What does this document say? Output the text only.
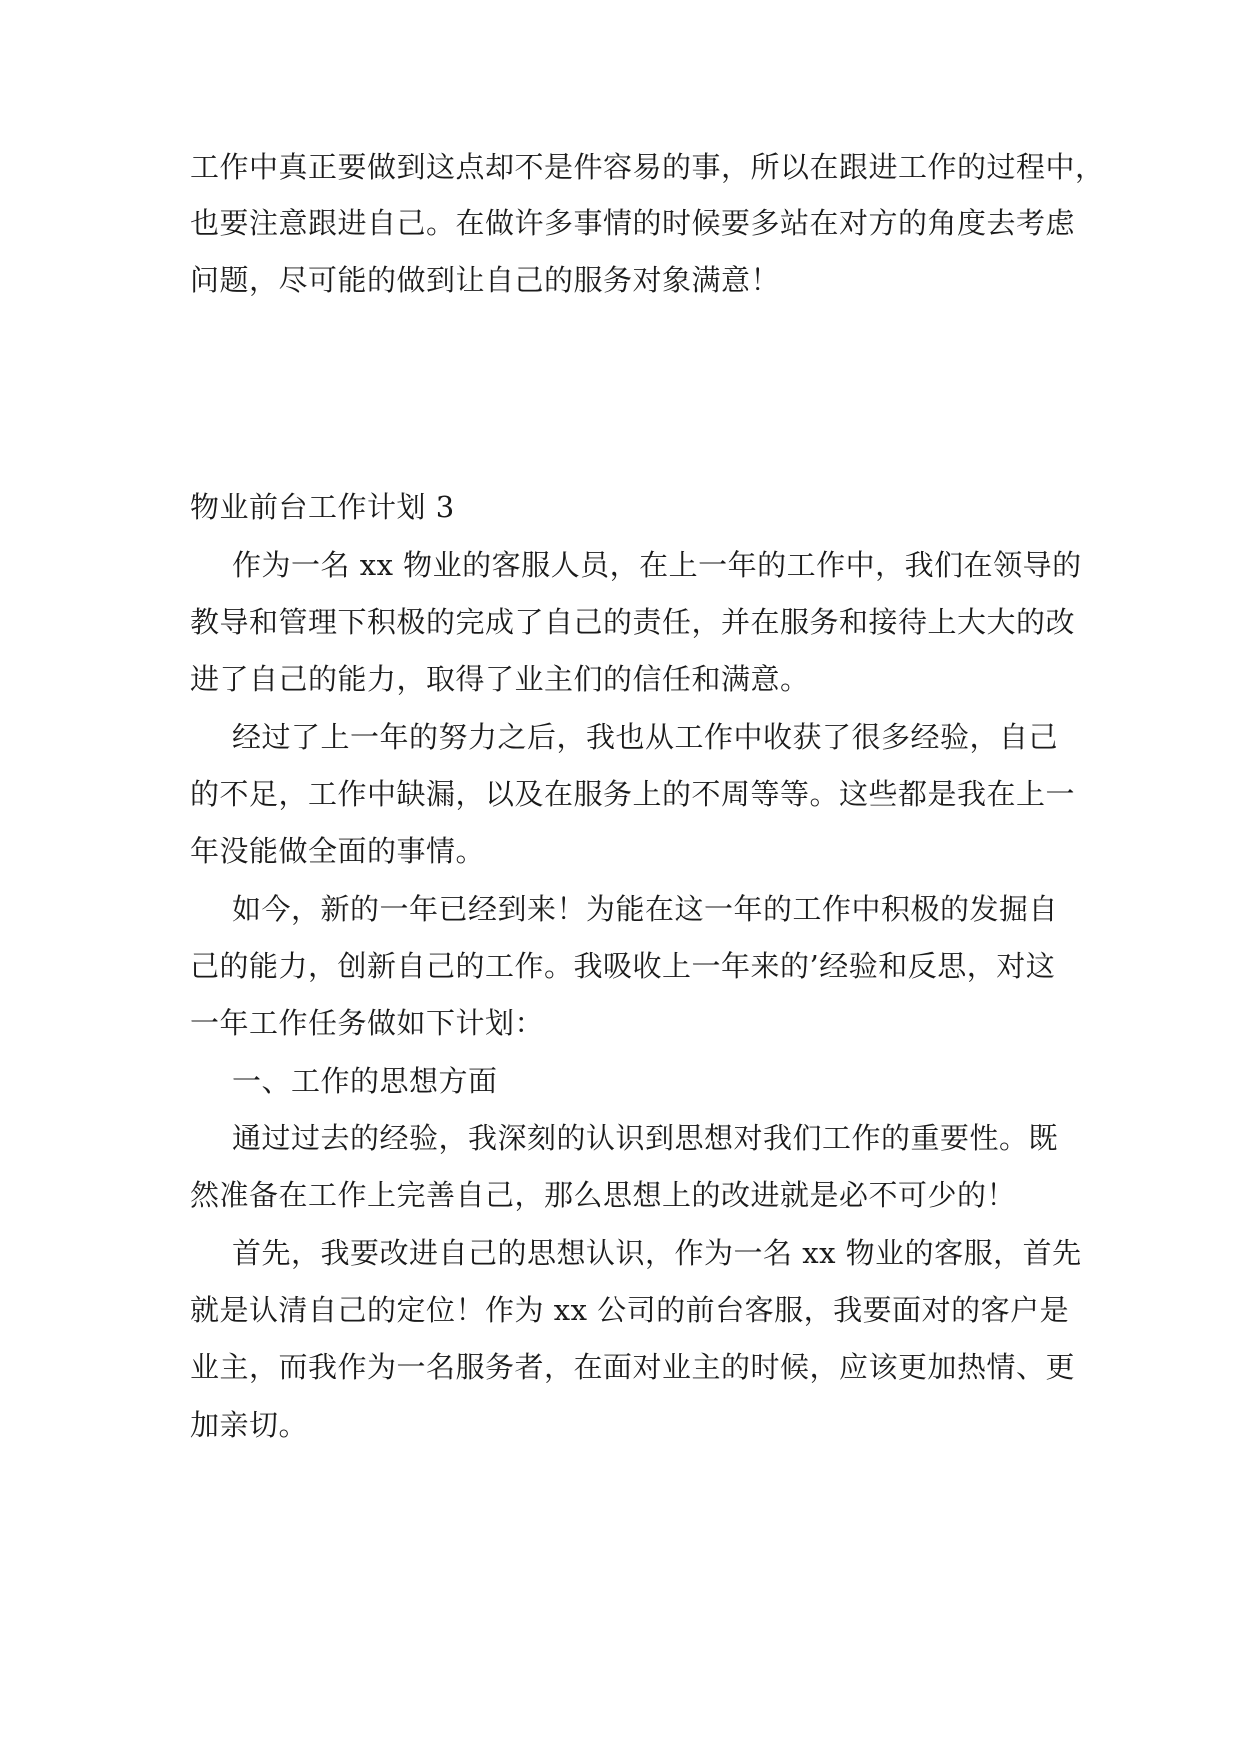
工作中真正要做到这点却不是件容易的事，所以在跟进工作的过程中，
也要注意跟进自己。在做许多事情的时候要多站在对方的角度去考虑
问题，尽可能的做到让自己的服务对象满意！
物业前台工作计划 3
作为一名 xx 物业的客服人员，在上一年的工作中，我们在领导的
教导和管理下积极的完成了自己的责任，并在服务和接待上大大的改
进了自己的能力，取得了业主们的信任和满意。
经过了上一年的努力之后，我也从工作中收获了很多经验，自己
的不足，工作中缺漏，以及在服务上的不周等等。这些都是我在上一
年没能做全面的事情。
如今，新的一年已经到来！为能在这一年的工作中积极的发掘自
己的能力，创新自己的工作。我吸收上一年来的’经验和反思，对这
一年工作任务做如下计划：
一、工作的思想方面
通过过去的经验，我深刻的认识到思想对我们工作的重要性。既
然准备在工作上完善自己，那么思想上的改进就是必不可少的！
首先，我要改进自己的思想认识，作为一名 xx 物业的客服，首先
就是认清自己的定位！作为 xx 公司的前台客服，我要面对的客户是
业主，而我作为一名服务者，在面对业主的时候，应该更加热情、更
加亲切。
